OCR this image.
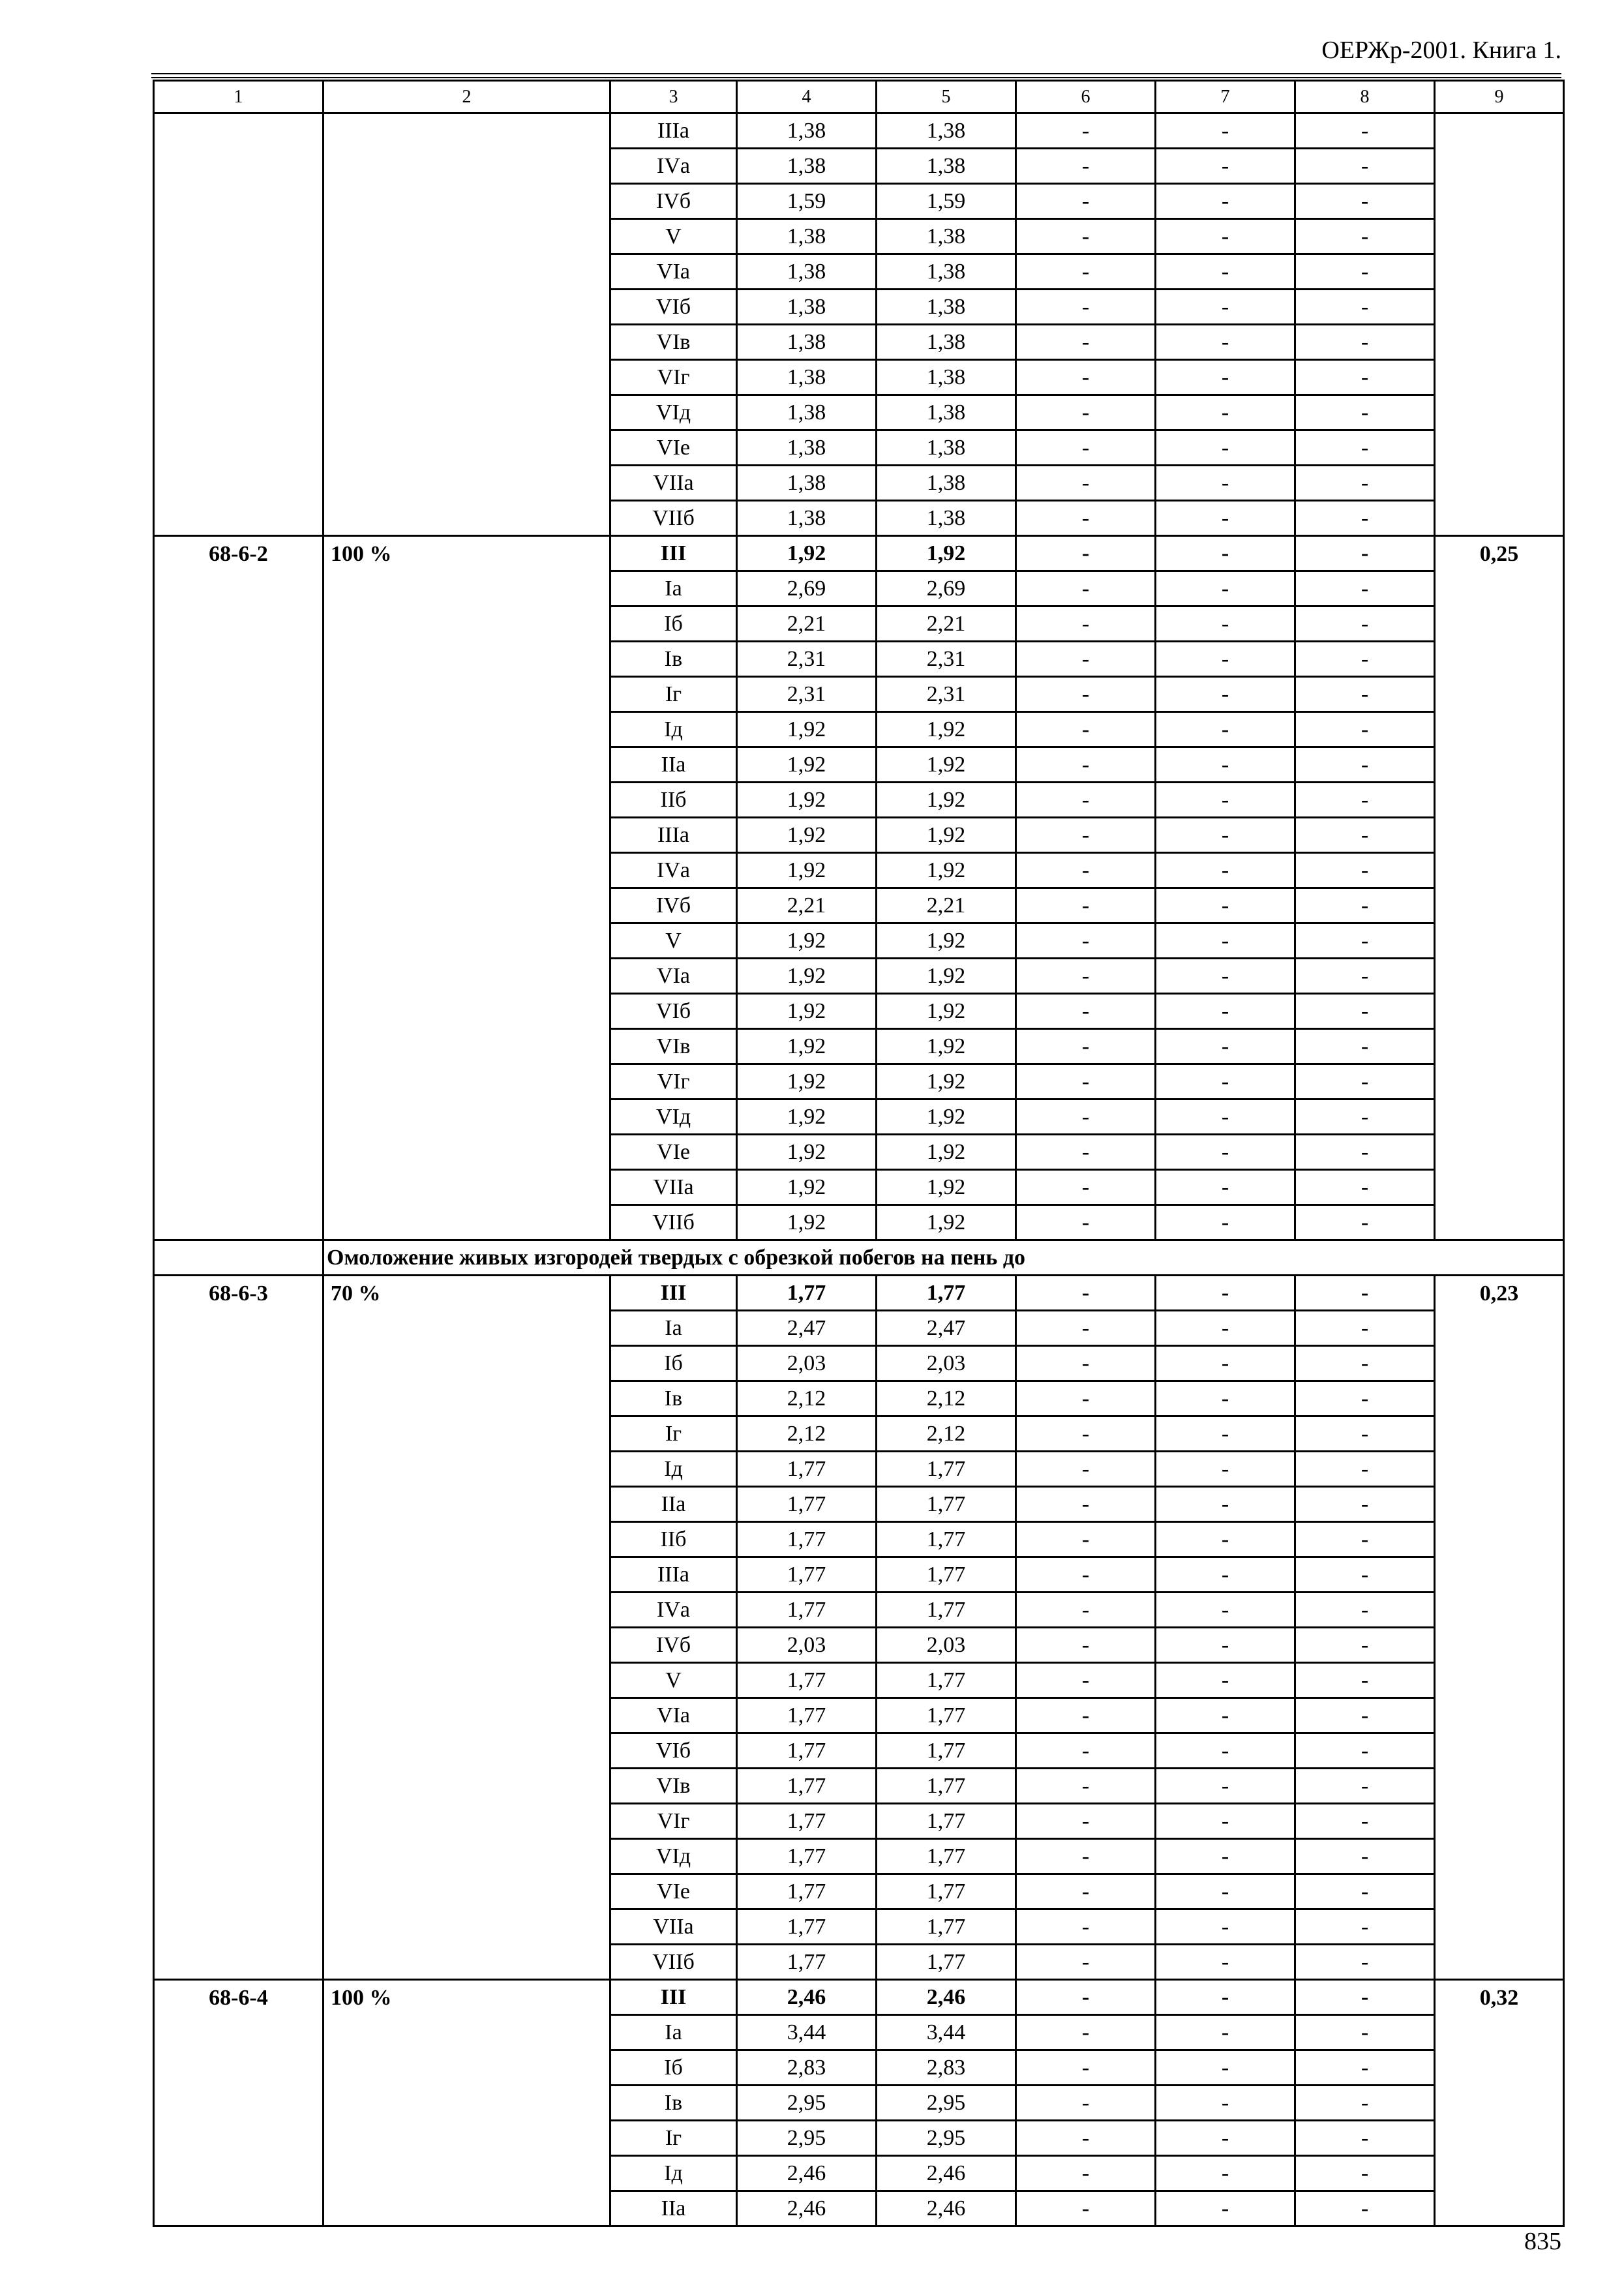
ОЕРЖр-2001. Книга 1.
1	2	3	4	5	6	7	8	9
		IIIа	1,38	1,38	-	-	-	
		IVа	1,38	1,38	-	-	-	
		IVб	1,59	1,59	-	-	-	
		V	1,38	1,38	-	-	-	
		VIа	1,38	1,38	-	-	-	
		VIб	1,38	1,38	-	-	-	
		VIв	1,38	1,38	-	-	-	
		VIг	1,38	1,38	-	-	-	
		VIд	1,38	1,38	-	-	-	
		VIе	1,38	1,38	-	-	-	
		VIIа	1,38	1,38	-	-	-	
		VIIб	1,38	1,38	-	-	-	
68-6-2	100 %	III	1,92	1,92	-	-	-	0,25
		Iа	2,69	2,69	-	-	-	
		Iб	2,21	2,21	-	-	-	
		Iв	2,31	2,31	-	-	-	
		Iг	2,31	2,31	-	-	-	
		Iд	1,92	1,92	-	-	-	
		IIа	1,92	1,92	-	-	-	
		IIб	1,92	1,92	-	-	-	
		IIIа	1,92	1,92	-	-	-	
		IVа	1,92	1,92	-	-	-	
		IVб	2,21	2,21	-	-	-	
		V	1,92	1,92	-	-	-	
		VIа	1,92	1,92	-	-	-	
		VIб	1,92	1,92	-	-	-	
		VIв	1,92	1,92	-	-	-	
		VIг	1,92	1,92	-	-	-	
		VIд	1,92	1,92	-	-	-	
		VIе	1,92	1,92	-	-	-	
		VIIа	1,92	1,92	-	-	-	
		VIIб	1,92	1,92	-	-	-	
	Омоложение живых изгородей твердых с обрезкой побегов на пень до							
68-6-3	70 %	III	1,77	1,77	-	-	-	0,23
		Iа	2,47	2,47	-	-	-	
		Iб	2,03	2,03	-	-	-	
		Iв	2,12	2,12	-	-	-	
		Iг	2,12	2,12	-	-	-	
		Iд	1,77	1,77	-	-	-	
		IIа	1,77	1,77	-	-	-	
		IIб	1,77	1,77	-	-	-	
		IIIа	1,77	1,77	-	-	-	
		IVа	1,77	1,77	-	-	-	
		IVб	2,03	2,03	-	-	-	
		V	1,77	1,77	-	-	-	
		VIа	1,77	1,77	-	-	-	
		VIб	1,77	1,77	-	-	-	
		VIв	1,77	1,77	-	-	-	
		VIг	1,77	1,77	-	-	-	
		VIд	1,77	1,77	-	-	-	
		VIе	1,77	1,77	-	-	-	
		VIIа	1,77	1,77	-	-	-	
		VIIб	1,77	1,77	-	-	-	
68-6-4	100 %	III	2,46	2,46	-	-	-	0,32
		Iа	3,44	3,44	-	-	-	
		Iб	2,83	2,83	-	-	-	
		Iв	2,95	2,95	-	-	-	
		Iг	2,95	2,95	-	-	-	
		Iд	2,46	2,46	-	-	-	
		IIа	2,46	2,46	-	-	-	
835
